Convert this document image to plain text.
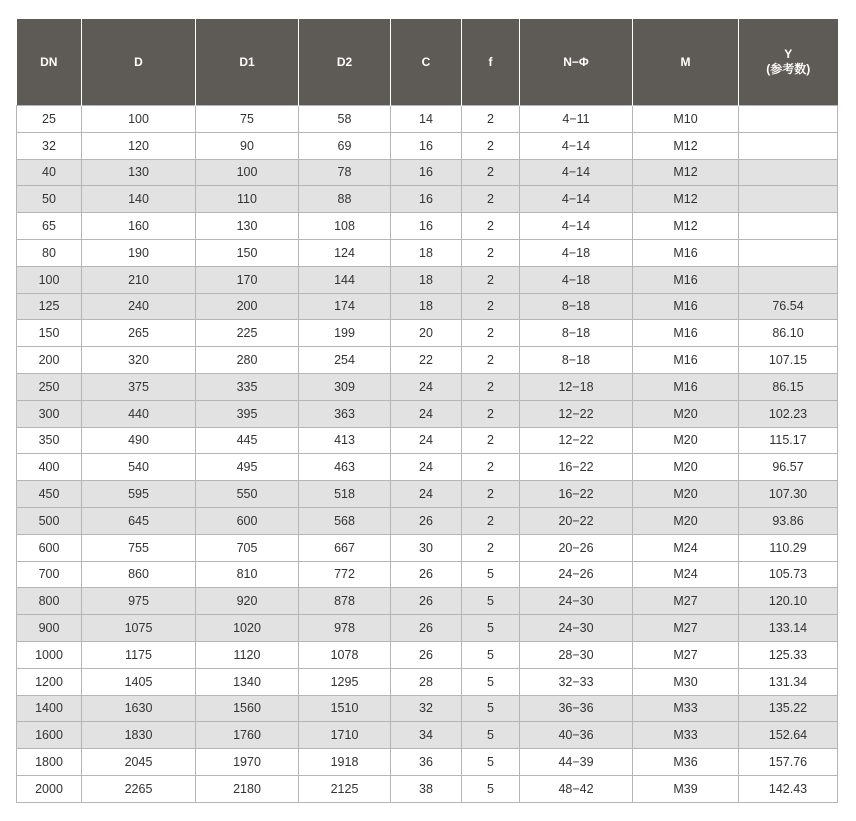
DN	D	D1	D2	C	f	N−Φ	M	Y
(参考数)
25	100	75	58	14	2	4−11	M10	
32	120	90	69	16	2	4−14	M12	
40	130	100	78	16	2	4−14	M12	
50	140	110	88	16	2	4−14	M12	
65	160	130	108	16	2	4−14	M12	
80	190	150	124	18	2	4−18	M16	
100	210	170	144	18	2	4−18	M16	
125	240	200	174	18	2	8−18	M16	76.54
150	265	225	199	20	2	8−18	M16	86.10
200	320	280	254	22	2	8−18	M16	107.15
250	375	335	309	24	2	12−18	M16	86.15
300	440	395	363	24	2	12−22	M20	102.23
350	490	445	413	24	2	12−22	M20	115.17
400	540	495	463	24	2	16−22	M20	96.57
450	595	550	518	24	2	16−22	M20	107.30
500	645	600	568	26	2	20−22	M20	93.86
600	755	705	667	30	2	20−26	M24	110.29
700	860	810	772	26	5	24−26	M24	105.73
800	975	920	878	26	5	24−30	M27	120.10
900	1075	1020	978	26	5	24−30	M27	133.14
1000	1175	1120	1078	26	5	28−30	M27	125.33
1200	1405	1340	1295	28	5	32−33	M30	131.34
1400	1630	1560	1510	32	5	36−36	M33	135.22
1600	1830	1760	1710	34	5	40−36	M33	152.64
1800	2045	1970	1918	36	5	44−39	M36	157.76
2000	2265	2180	2125	38	5	48−42	M39	142.43
